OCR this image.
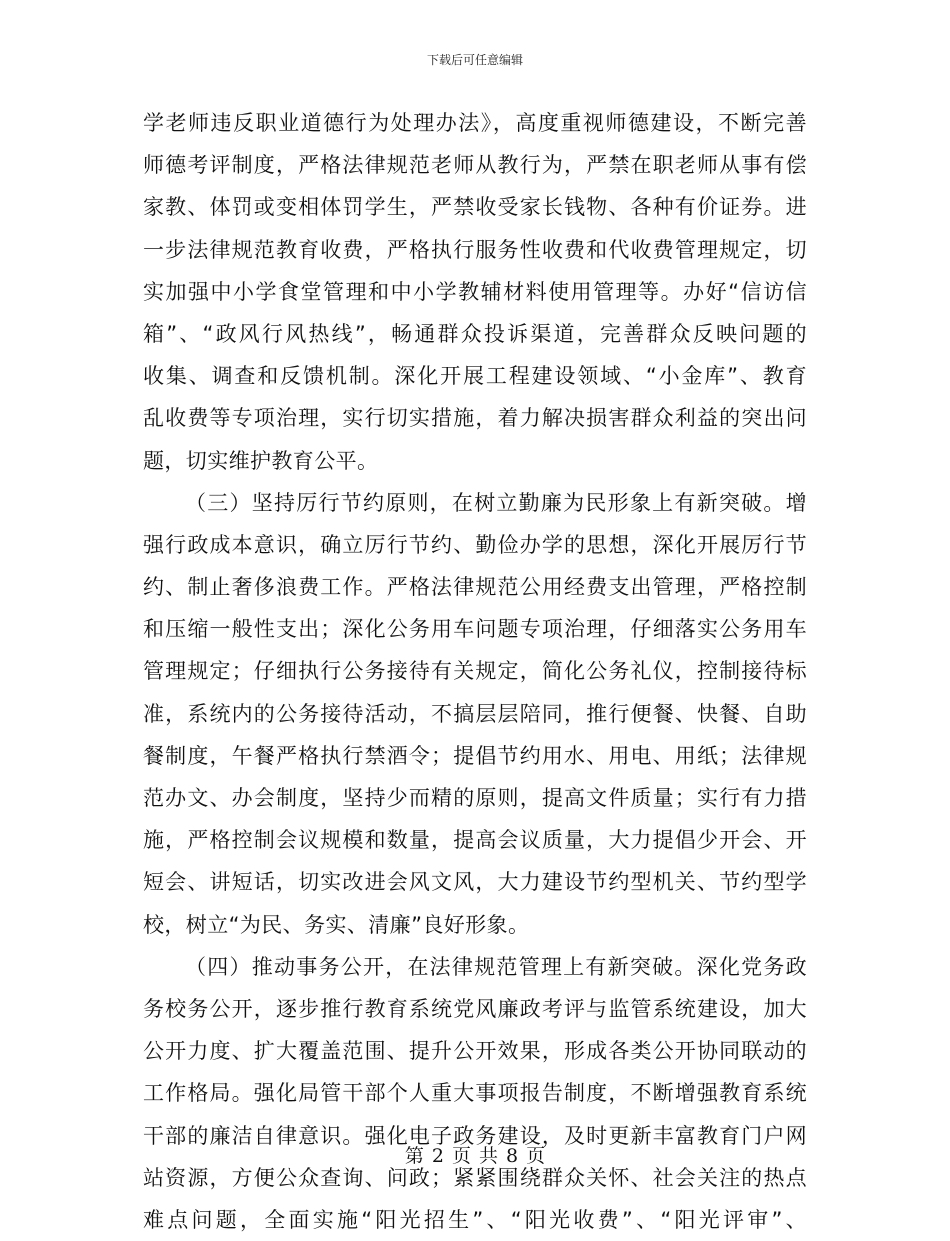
下载后可任意编辑
学老师违反职业道德行为处理办法》，高度重视师德建设，不断完善
师德考评制度，严格法律规范老师从教行为，严禁在职老师从事有偿
家教、体罚或变相体罚学生，严禁收受家长钱物、各种有价证券。进
一步法律规范教育收费，严格执行服务性收费和代收费管理规定，切
实加强中小学食堂管理和中小学教辅材料使用管理等。办好“信访信
箱”、“政风行风热线”，畅通群众投诉渠道，完善群众反映问题的
收集、调查和反馈机制。深化开展工程建设领域、“小金库”、教育
乱收费等专项治理，实行切实措施，着力解决损害群众利益的突出问
题，切实维护教育公平。
（三）坚持厉行节约原则，在树立勤廉为民形象上有新突破。增
强行政成本意识，确立厉行节约、勤俭办学的思想，深化开展厉行节
约、制止奢侈浪费工作。严格法律规范公用经费支出管理，严格控制
和压缩一般性支出；深化公务用车问题专项治理，仔细落实公务用车
管理规定；仔细执行公务接待有关规定，简化公务礼仪，控制接待标
准，系统内的公务接待活动，不搞层层陪同，推行便餐、快餐、自助
餐制度，午餐严格执行禁酒令；提倡节约用水、用电、用纸；法律规
范办文、办会制度，坚持少而精的原则，提高文件质量；实行有力措
施，严格控制会议规模和数量，提高会议质量，大力提倡少开会、开
短会、讲短话，切实改进会风文风，大力建设节约型机关、节约型学
校，树立“为民、务实、清廉”良好形象。
（四）推动事务公开，在法律规范管理上有新突破。深化党务政
务校务公开，逐步推行教育系统党风廉政考评与监管系统建设，加大
公开力度、扩大覆盖范围、提升公开效果，形成各类公开协同联动的
工作格局。强化局管干部个人重大事项报告制度，不断增强教育系统
干部的廉洁自律意识。强化电子政务建设，及时更新丰富教育门户网
站资源，方便公众查询、问政；紧紧围绕群众关怀、社会关注的热点
难点问题，全面实施“阳光招生”、“阳光收费”、“阳光评审”、
第 2 页 共 8 页
